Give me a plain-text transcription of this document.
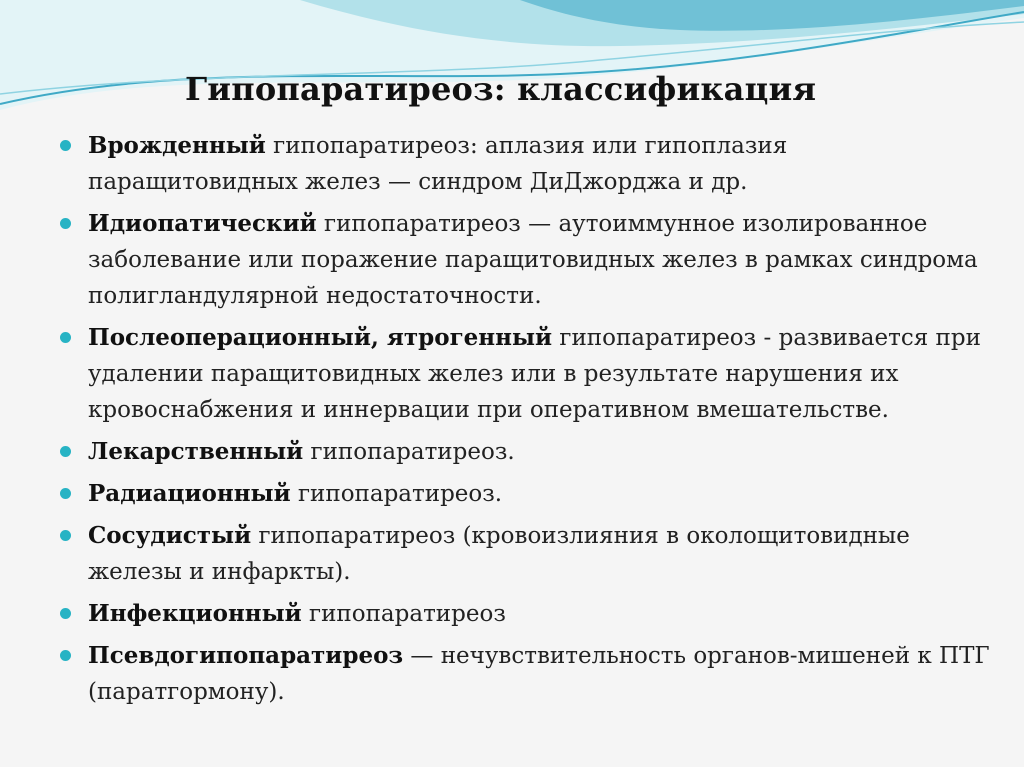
Гипопаратиреоз: классификация
Врожденный гипопаратиреоз: аплазия или гипоплазия паращитовидных желез — синдром ДиДжорджа и др.
Идиопатический гипопаратиреоз — аутоиммунное изолированное заболевание или поражение паращитовидных желез в рамках синдрома полигландулярной недостаточности.
Послеоперационный, ятрогенный гипопаратиреоз - развивается при удалении паращитовидных желез или в результате нарушения их кровоснабжения и иннервации при оперативном вмешательстве.
Лекарственный гипопаратиреоз.
Радиационный гипопаратиреоз.
Сосудистый гипопаратиреоз (кровоизлияния в околощитовидные железы и инфаркты).
Инфекционный гипопаратиреоз
Псевдогипопаратиреоз — нечувствительность органов-мишеней к ПТГ (паратгормону).
